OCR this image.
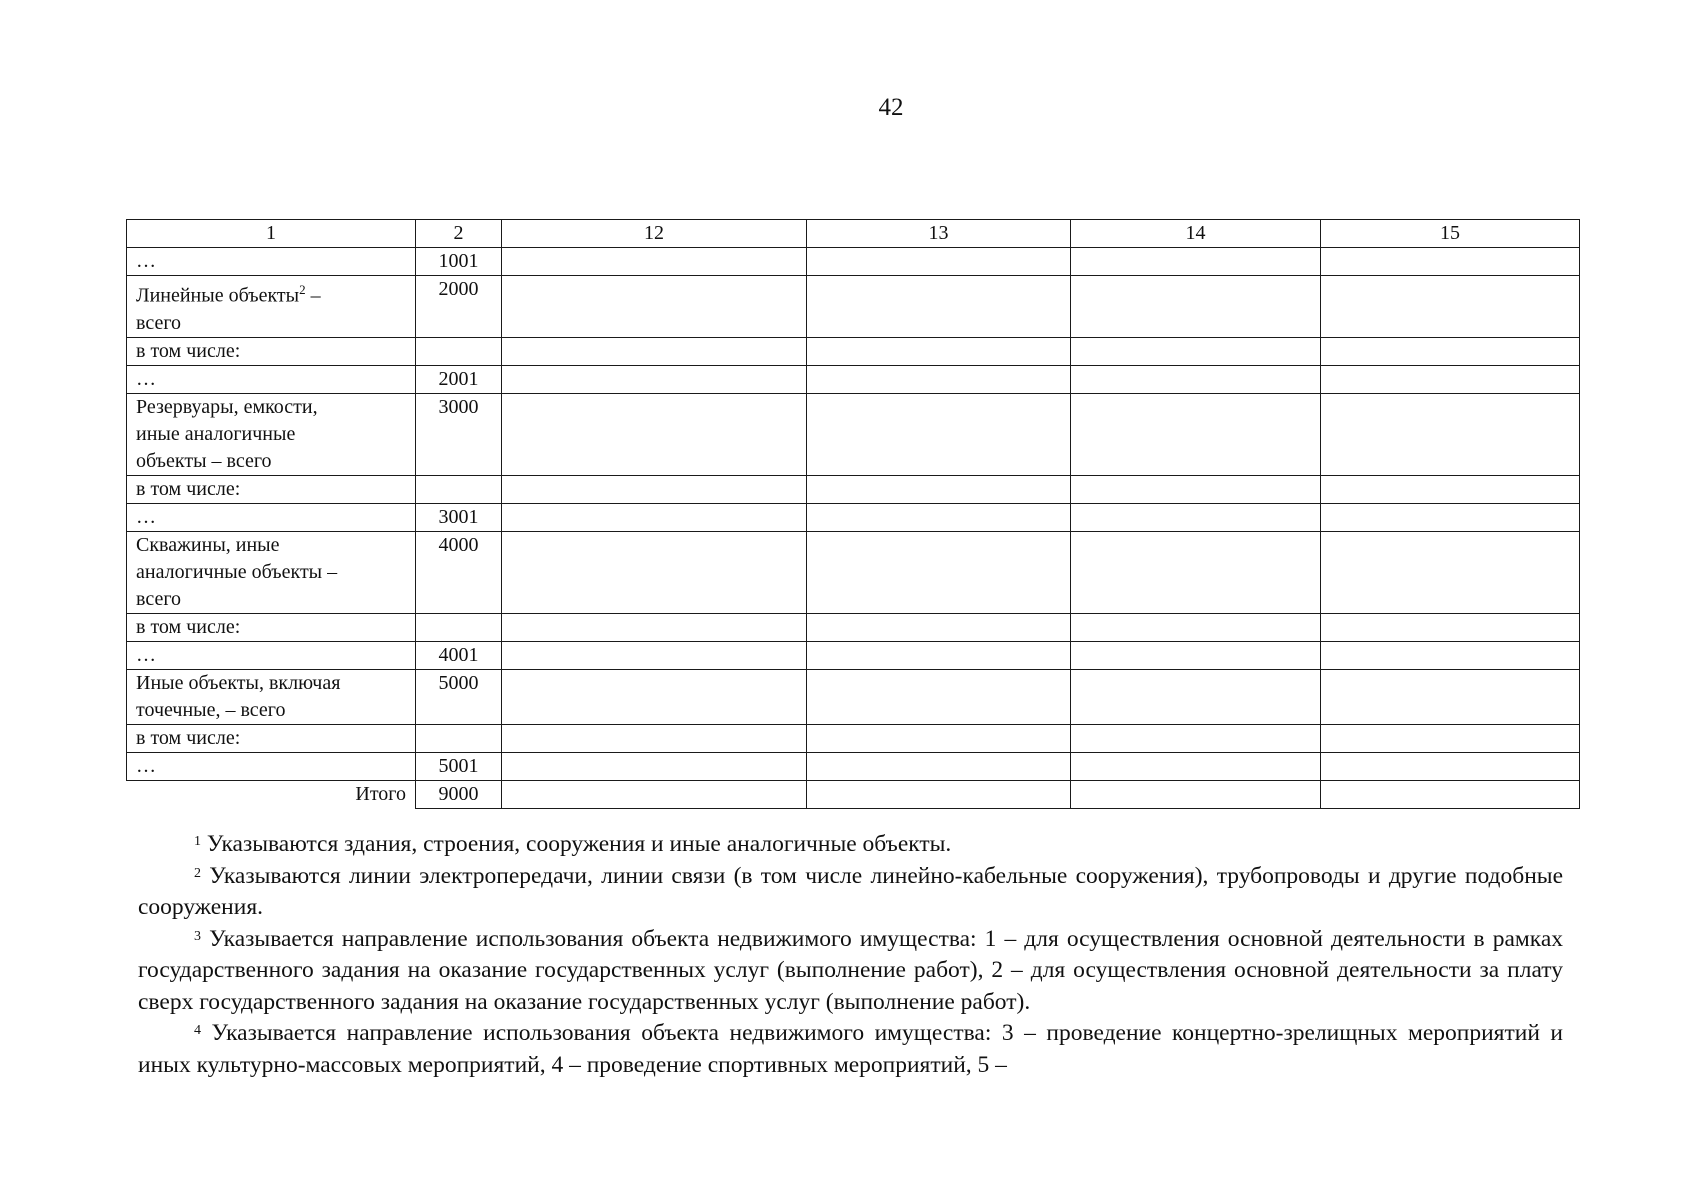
42
1	2	12	13	14	15
…	1001				
Линейные объекты$^2$ –
всего	2000				
в том числе:					
…	2001				
Резервуары, емкости,
иные аналогичные
объекты – всего	3000				
в том числе:					
…	3001				
Скважины, иные
аналогичные объекты –
всего	4000				
в том числе:					
…	4001				
Иные объекты, включая
точечные, – всего	5000				
в том числе:					
…	5001				
Итого	9000				

$^1$ Указываются здания, строения, сооружения и иные аналогичные объекты.

$^2$ Указываются линии электропередачи, линии связи (в том числе линейно-кабельные сооружения), трубопроводы и другие подобные сооружения.

$^3$ Указывается направление использования объекта недвижимого имущества: 1 – для осуществления основной деятельности в рамках государственного задания на оказание государственных услуг (выполнение работ), 2 – для осуществления основной деятельности за плату сверх государственного задания на оказание государственных услуг (выполнение работ).

$^4$ Указывается направление использования объекта недвижимого имущества: 3 – проведение концертно-зрелищных мероприятий и иных культурно-массовых мероприятий, 4 – проведение спортивных мероприятий, 5 –
